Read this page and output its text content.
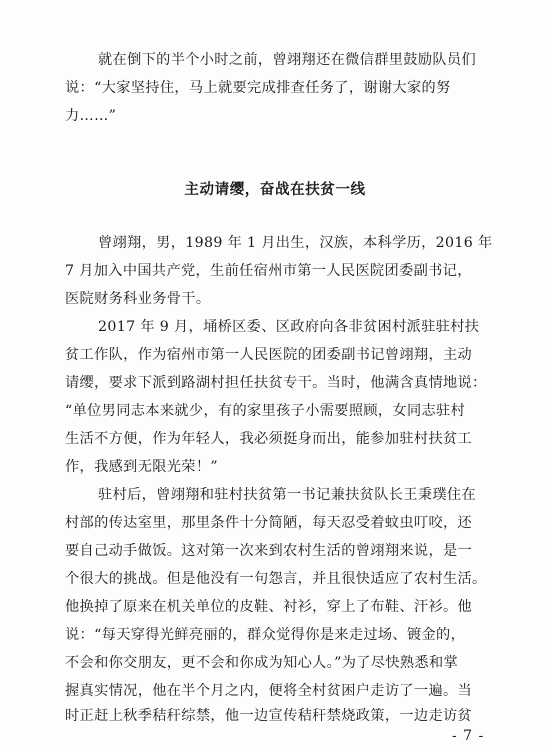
就在倒下的半个小时之前，曾翊翔还在微信群里鼓励队员们
说：“大家坚持住，马上就要完成排查任务了，谢谢大家的努
力……”
主动请缨，奋战在扶贫一线
曾翊翔，男，1989 年 1 月出生，汉族，本科学历，2016 年
7 月加入中国共产党，生前任宿州市第一人民医院团委副书记，
医院财务科业务骨干。
2017 年 9 月，埇桥区委、区政府向各非贫困村派驻驻村扶
贫工作队，作为宿州市第一人民医院的团委副书记曾翊翔，主动
请缨，要求下派到路湖村担任扶贫专干。当时，他满含真情地说：
“单位男同志本来就少，有的家里孩子小需要照顾，女同志驻村
生活不方便，作为年轻人，我必须挺身而出，能参加驻村扶贫工
作，我感到无限光荣！”
驻村后，曾翊翔和驻村扶贫第一书记兼扶贫队长王秉璞住在
村部的传达室里，那里条件十分简陋，每天忍受着蚊虫叮咬，还
要自己动手做饭。这对第一次来到农村生活的曾翊翔来说，是一
个很大的挑战。但是他没有一句怨言，并且很快适应了农村生活。
他换掉了原来在机关单位的皮鞋、衬衫，穿上了布鞋、汗衫。他
说：“每天穿得光鲜亮丽的，群众觉得你是来走过场、镀金的，
不会和你交朋友，更不会和你成为知心人。”为了尽快熟悉和掌
握真实情况，他在半个月之内，便将全村贫困户走访了一遍。当
时正赶上秋季秸秆综禁，他一边宣传秸秆禁烧政策，一边走访贫
- 7 -
